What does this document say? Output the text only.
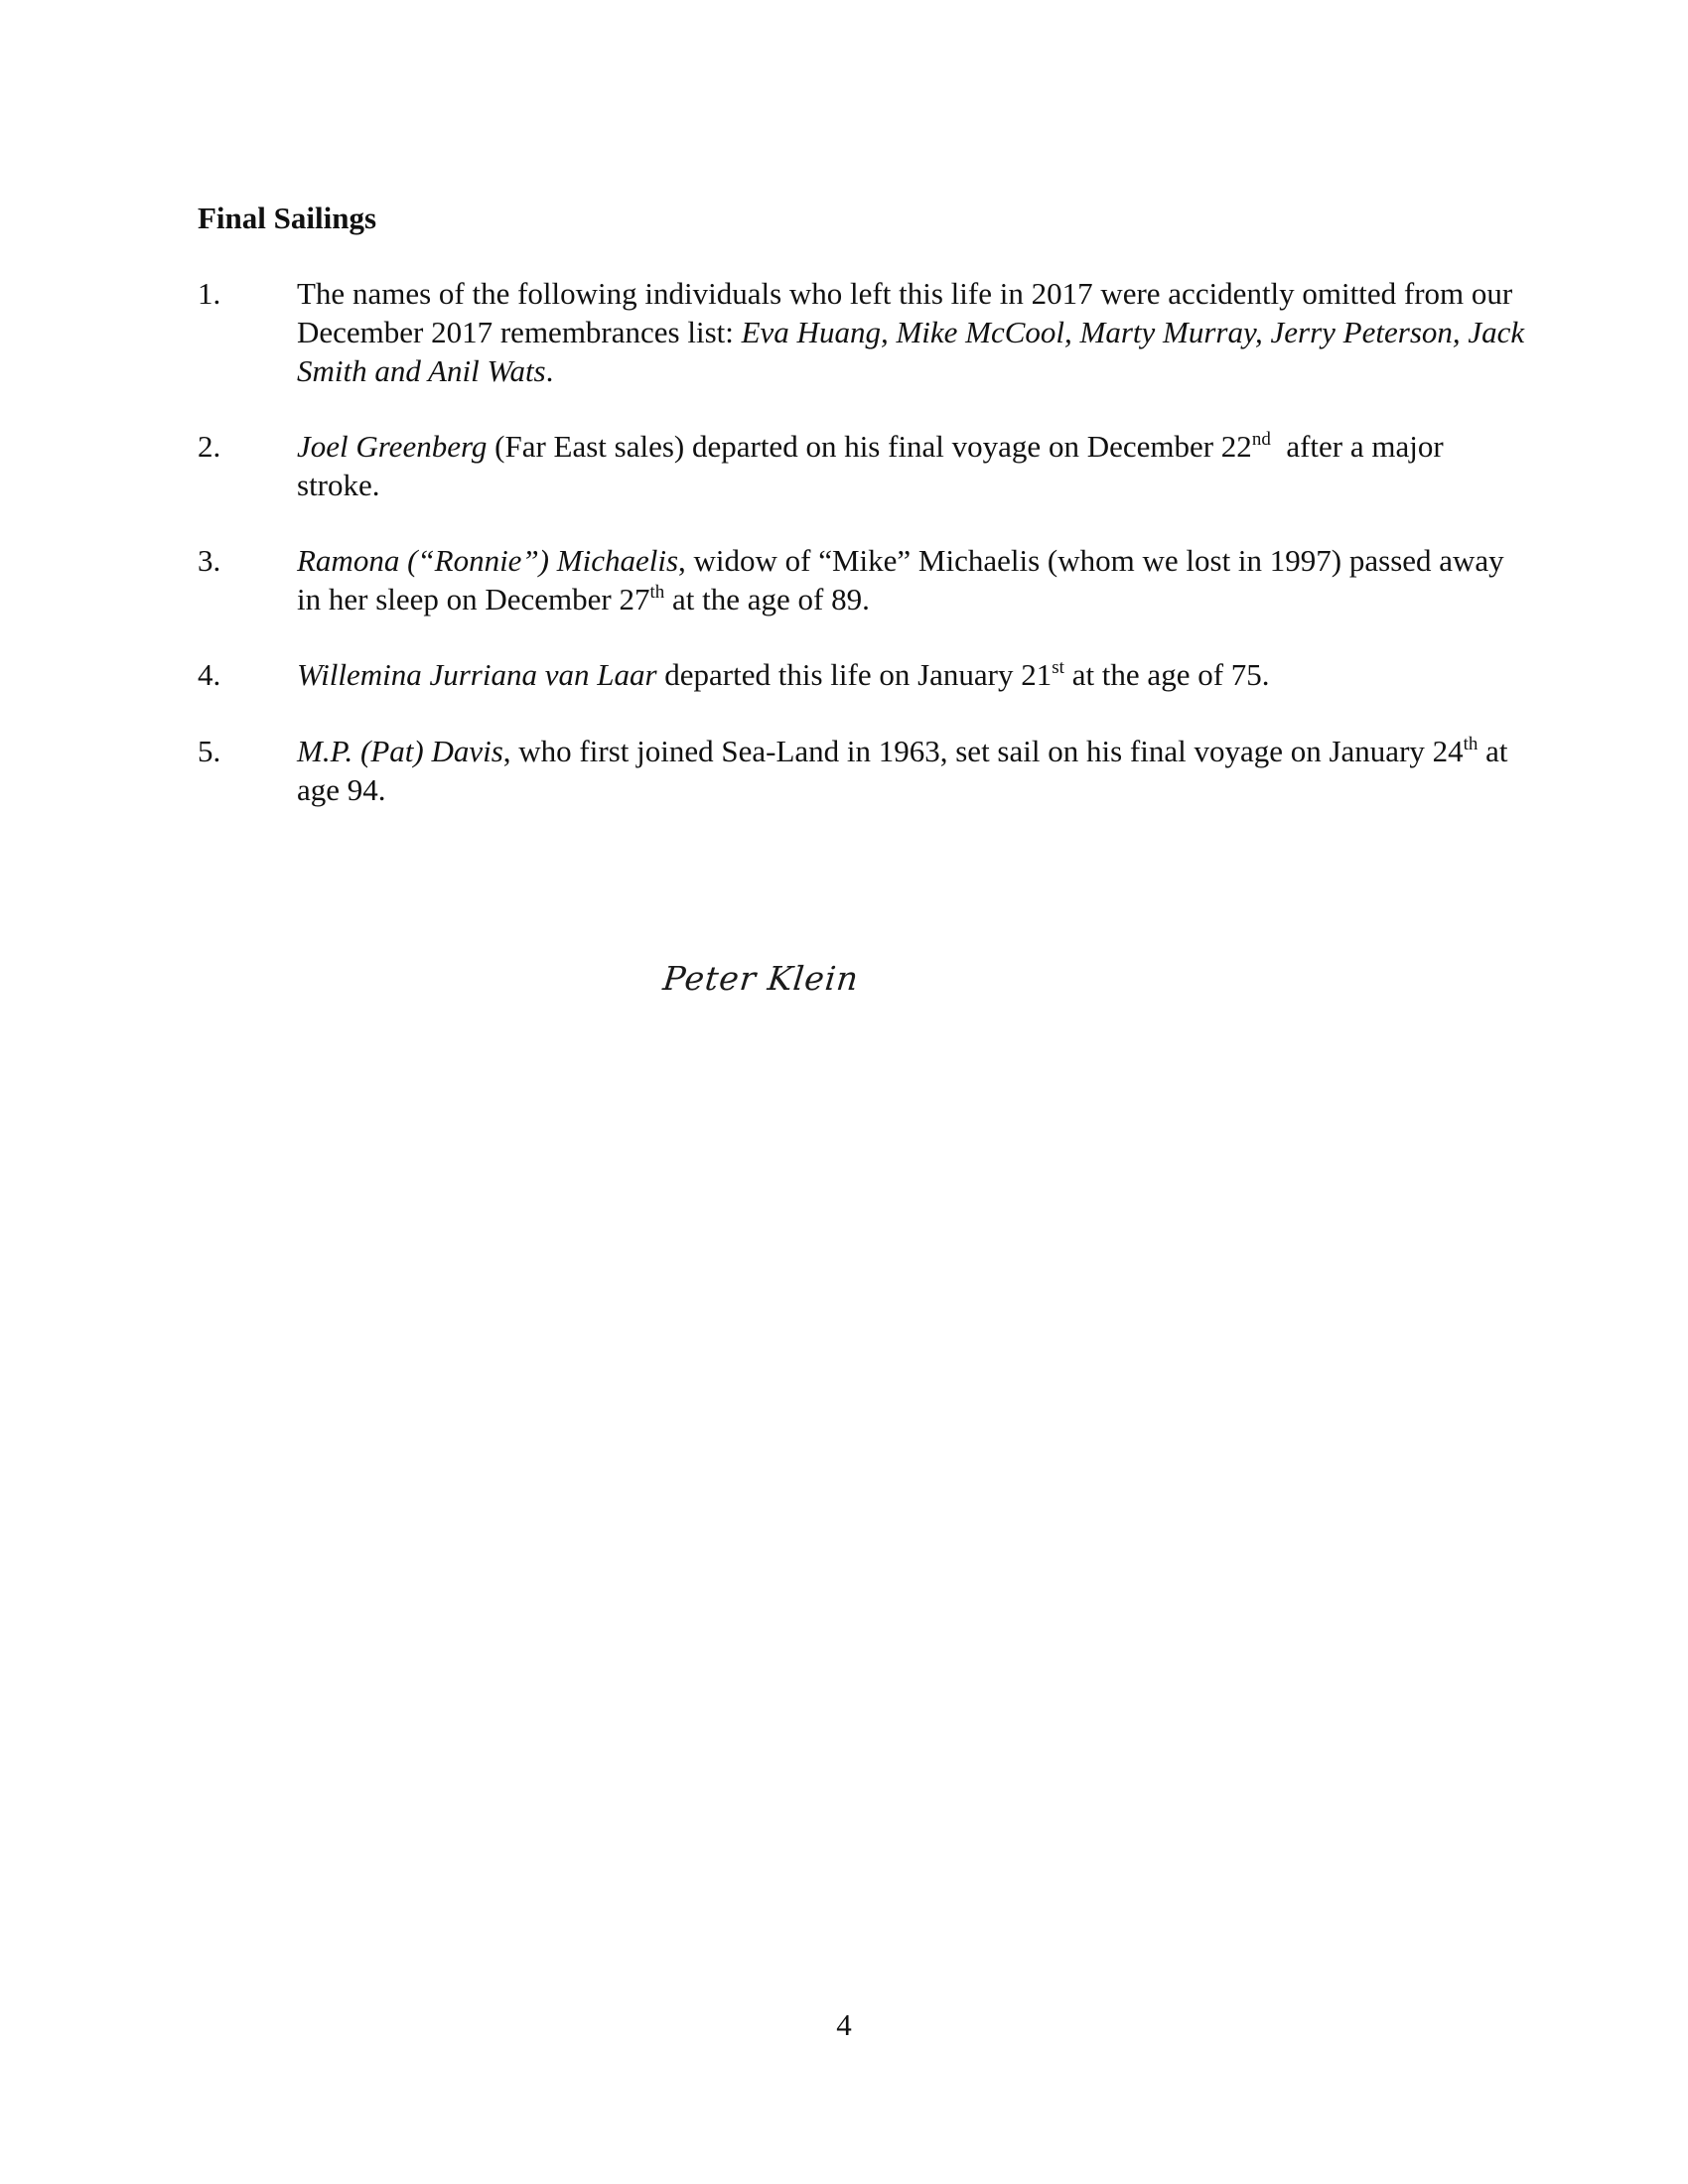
Final Sailings
1. The names of the following individuals who left this life in 2017 were accidently omitted from our December 2017 remembrances list: Eva Huang, Mike McCool, Marty Murray, Jerry Peterson, Jack Smith and Anil Wats.
2. Joel Greenberg (Far East sales) departed on his final voyage on December 22nd  after a major stroke.
3. Ramona (“Ronnie”) Michaelis, widow of “Mike” Michaelis (whom we lost in 1997) passed away in her sleep on December 27th at the age of 89.
4. Willemina Jurriana van Laar departed this life on January 21st at the age of 75.
5. M.P. (Pat) Davis, who first joined Sea-Land in 1963, set sail on his final voyage on January 24th at age 94.
Peter Klein
4
